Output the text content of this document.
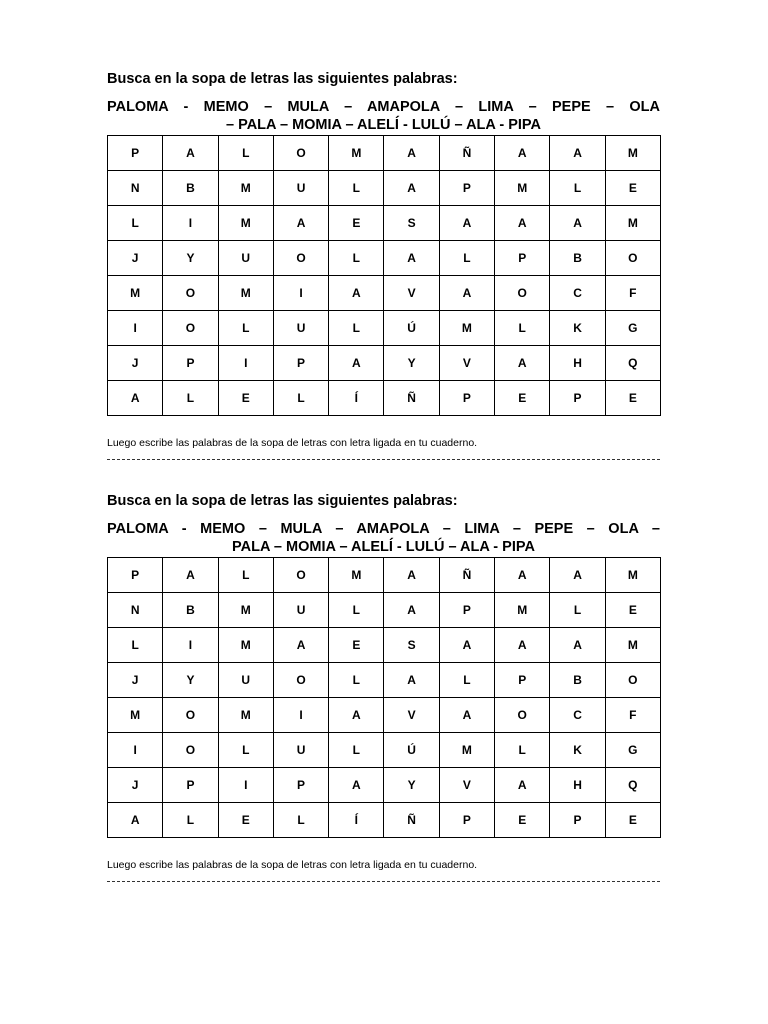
Busca en la sopa de letras las siguientes palabras:

PALOMA - MEMO – MULA – AMAPOLA – LIMA – PEPE – OLA
– PALA – MOMIA – ALELÍ - LULÚ – ALA - PIPA
P	A	L	O	M	A	Ñ	A	A	M
N	B	M	U	L	A	P	M	L	E
L	I	M	A	E	S	A	A	A	M
J	Y	U	O	L	A	L	P	B	O
M	O	M	I	A	V	A	O	C	F
I	O	L	U	L	Ú	M	L	K	G
J	P	I	P	A	Y	V	A	H	Q
A	L	E	L	Í	Ñ	P	E	P	E
Luego escribe las palabras de la sopa de letras con letra ligada en tu cuaderno.

Busca en la sopa de letras las siguientes palabras:

PALOMA - MEMO – MULA – AMAPOLA – LIMA – PEPE – OLA –
PALA – MOMIA – ALELÍ - LULÚ – ALA - PIPA
P	A	L	O	M	A	Ñ	A	A	M
N	B	M	U	L	A	P	M	L	E
L	I	M	A	E	S	A	A	A	M
J	Y	U	O	L	A	L	P	B	O
M	O	M	I	A	V	A	O	C	F
I	O	L	U	L	Ú	M	L	K	G
J	P	I	P	A	Y	V	A	H	Q
A	L	E	L	Í	Ñ	P	E	P	E
Luego escribe las palabras de la sopa de letras con letra ligada en tu cuaderno.
